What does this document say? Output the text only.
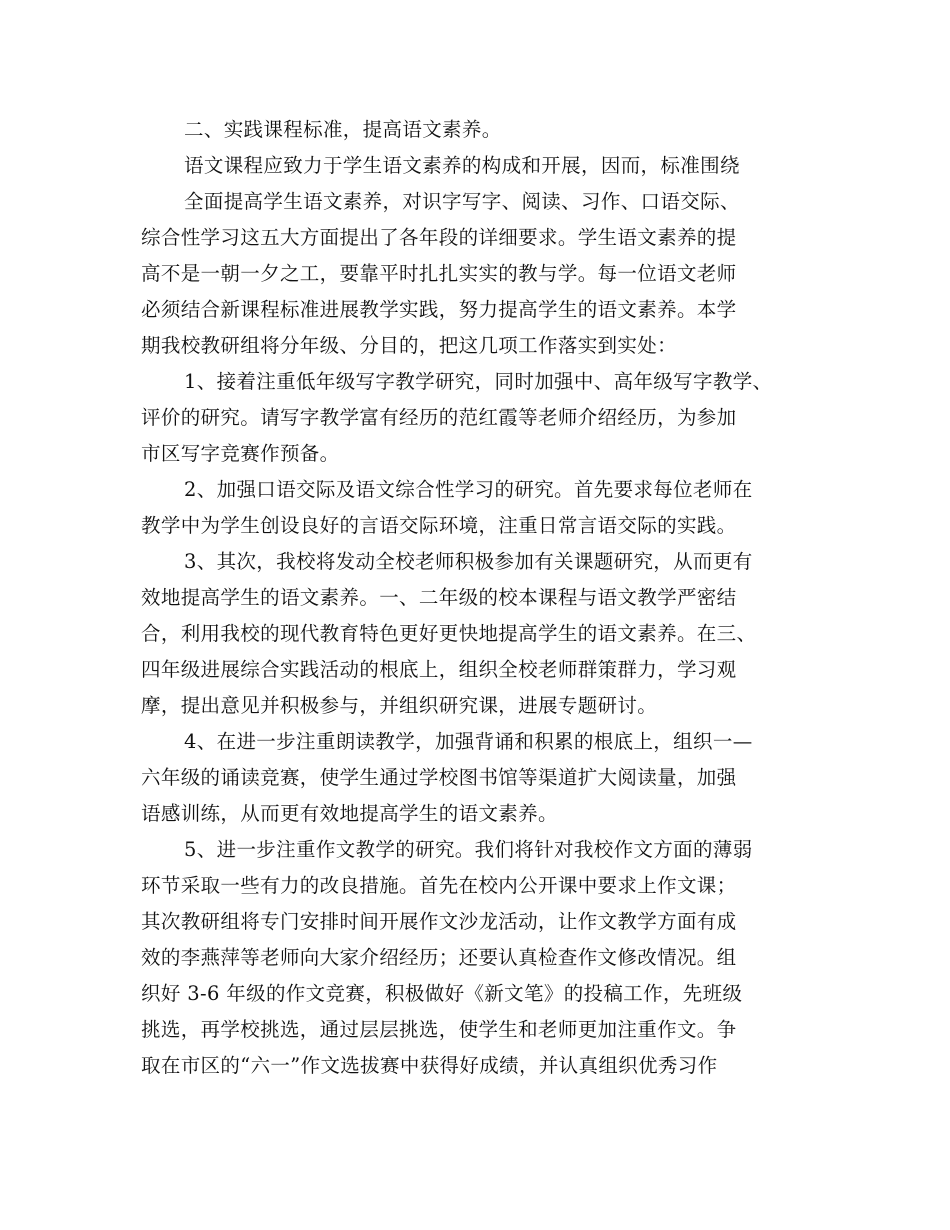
二、实践课程标准，提高语文素养。
语文课程应致力于学生语文素养的构成和开展，因而，标准围绕
全面提高学生语文素养，对识字写字、阅读、习作、口语交际、
综合性学习这五大方面提出了各年段的详细要求。学生语文素养的提
高不是一朝一夕之工，要靠平时扎扎实实的教与学。每一位语文老师
必须结合新课程标准进展教学实践，努力提高学生的语文素养。本学
期我校教研组将分年级、分目的，把这几项工作落实到实处：
1、接着注重低年级写字教学研究，同时加强中、高年级写字教学、
评价的研究。请写字教学富有经历的范红霞等老师介绍经历，为参加
市区写字竞赛作预备。
2、加强口语交际及语文综合性学习的研究。首先要求每位老师在
教学中为学生创设良好的言语交际环境，注重日常言语交际的实践。
3、其次，我校将发动全校老师积极参加有关课题研究，从而更有
效地提高学生的语文素养。一、二年级的校本课程与语文教学严密结
合，利用我校的现代教育特色更好更快地提高学生的语文素养。在三、
四年级进展综合实践活动的根底上，组织全校老师群策群力，学习观
摩，提出意见并积极参与，并组织研究课，进展专题研讨。
4、在进一步注重朗读教学，加强背诵和积累的根底上，组织一—
六年级的诵读竞赛，使学生通过学校图书馆等渠道扩大阅读量，加强
语感训练，从而更有效地提高学生的语文素养。
5、进一步注重作文教学的研究。我们将针对我校作文方面的薄弱
环节采取一些有力的改良措施。首先在校内公开课中要求上作文课；
其次教研组将专门安排时间开展作文沙龙活动，让作文教学方面有成
效的李燕萍等老师向大家介绍经历；还要认真检查作文修改情况。组
织好 3-6 年级的作文竞赛，积极做好《新文笔》的投稿工作，先班级
挑选，再学校挑选，通过层层挑选，使学生和老师更加注重作文。争
取在市区的“六一”作文选拔赛中获得好成绩，并认真组织优秀习作
